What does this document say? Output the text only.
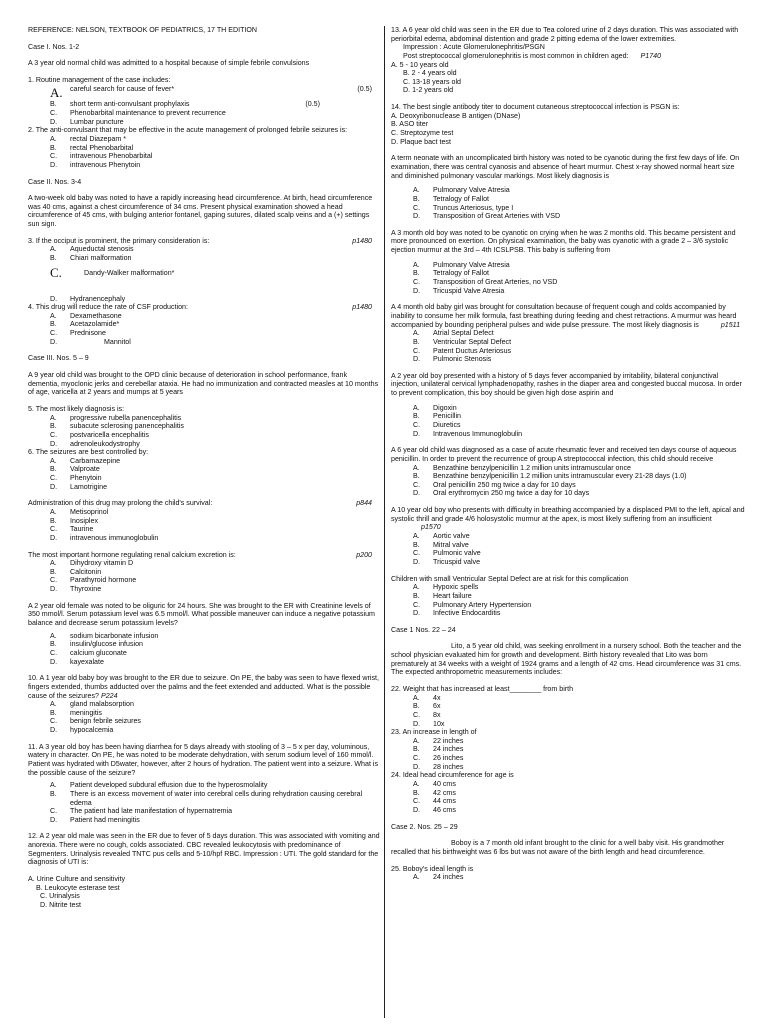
REFERENCE: NELSON, TEXTBOOK OF PEDIATRICS, 17 TH EDITION

Case I. Nos. 1-2

A 3 year old normal child was admitted to a hospital because of simple febrile convulsions

1. Routine management of the case includes:

A.	careful search for cause of fever*	(0.5)
B.	short term anti-convulsant prophylaxis	(0.5)
C.	Phenobarbital maintenance to prevent recurrence
D.	Lumbar puncture

2. The anti-convulsant that may be effective in the acute management of prolonged febrile seizures is:

A.	rectal Diazepam *
B.	rectal Phenobarbital
C.	intravenous Phenobarbital
D.	intravenous Phenytoin

Case II. Nos. 3-4

A two-week old baby was noted to have a rapidly increasing head circumference. At birth, head circumference was 40 cms, against a chest circumference of 34 cms. Present physical examination showed a head circumference of 45 cms, with bulging anterior fontanel, gaping sutures, dilated scalp veins and a (+) settings sun sign.

3. If the occiput is prominent, the primary consideration is:	p1480

A.	Aqueductal stenosis
B.	Chiari malformation
C.	Dandy-Walker malformation*
D.	Hydranencephaly

4. This drug will reduce the rate of CSF production:	p1480

A.	Dexamethasone
B.	Acetazolamide*
C.	Prednisone
D.	Mannitol

Case III. Nos. 5 – 9

A 9 year old child was brought to the OPD clinic because of deterioration in school performance, frank dementia, myoclonic jerks and cerebellar ataxia. He had no immunization and contracted measles at 10 months of age, varicella at 2 years and mumps at 5 years

5. The most likely diagnosis is:

A.	progressive rubella panencephalitis
B.	subacute sclerosing panencephalitis
C.	postvaricella encephalitis
D.	adrenoleukodystrophy

6. The seizures are best controlled by:

A.	Carbamazepine
B.	Valproate
C.	Phenytoin
D.	Lamotrigine

Administration of this drug may prolong the child's survival:	p844

A.	Metisoprinol
B.	Inosiplex
C.	Taurine
D.	intravenous immunoglobulin

The most important hormone regulating renal calcium excretion is:	p200

A.	Dihydroxy vitamin D
B.	Calcitonin
C.	Parathyroid hormone
D.	Thyroxine

A 2 year old female was noted to be oliguric for 24 hours. She was brought to the ER with Creatinine levels of 350 mmol/l. Serum potassium level was 6.5 mmol/l. What possible maneuver can induce a negative potassium balance and decrease serum potassium levels?

A.	sodium bicarbonate infusion
B.	insulin/glucose infusion
C.	calcium gluconate
D.	kayexalate

10. A 1 year old baby boy was brought to the ER due to seizure. On PE, the baby was seen to have flexed wrist, fingers extended, thumbs adducted over the palms and the feet extended and adducted. What is the possible cause of the seizures? P224

A.	gland malabsorption
B.	meningitis
C.	benign febrile seizures
D.	hypocalcemia

11. A 3 year old boy has been having diarrhea for 5 days already with stooling of 3 – 5 x per day, voluminous, watery in character. On PE, he was noted to be moderate dehydration, with serum sodium level of 160 mmol/l. Patient was hydrated with D5water, however, after 2 hours of hydration. The patient went into a seizure. What is the possible cause of the seizure?

A.	Patient developed subdural effusion due to the hyperosmolality
B.	There is an excess movement of water into cerebral cells during rehydration causing cerebral edema
C.	The patient had late manifestation of hypernatremia
D.	Patient had meningitis

12. A 2 year old male was seen in the ER due to fever of 5 days duration. This was associated with vomiting and anorexia. There were no cough, colds associated. CBC revealed leukocytosis with predominance of Segmenters. Urinalysis revealed TNTC pus cells and 5-10/hpf RBC. Impression : UTI. The gold standard for the diagnosis of UTI is:

A. Urine Culture and sensitivity

B. Leukocyte esterase test

C. Urinalysis

D. Nitrite test

13. A 6 year old child was seen in the ER due to Tea colored urine of 2 days duration. This was associated with periorbital edema, abdominal distention and grade 2 pitting edema of the lower extremities.

Impression : Acute Glomerulonephritis/PSGN

Post streptococcal glomerulonephritis is most common in children aged: P1740

A. 5 - 10 years old

B. 2 - 4 years old

C. 13-18 years old

D. 1-2 years old

14. The best single antibody titer to document cutaneous streptococcal infection is PSGN is:

A. Deoxyribonuclease B antigen (DNase)

B. ASO titer

C. Streptozyme test

D. Plaque bact test

A term neonate with an uncomplicated birth history was noted to be cyanotic during the first few days of life. On examination, there was central cyanosis and absence of heart murmur. Chest x-ray showed normal heart size and diminished pulmonary vascular markings. Most likely diagnosis is

A.	Pulmonary Valve Atresia
B.	Tetralogy of Fallot
C.	Truncus Arteriosus, type I
D.	Transposition of Great Arteries with VSD

A 3 month old boy was noted to be cyanotic on crying when he was 2 months old. This became persistent and more pronounced on exertion. On physical examination, the baby was cyanotic with a grade 2 – 3/6 systolic ejection murmur at the 3rd – 4th ICSLPSB. This baby is suffering from

A.	Pulmonary Valve Atresia
B.	Tetralogy of Fallot
C.	Transposition of Great Arteries, no VSD
D.	Tricuspid Valve Atresia

A 4 month old baby girl was brought for consultation because of frequent cough and colds accompanied by inability to consume her milk formula, fast breathing during feeding and chest retractions. A murmur was heard accompanied by bounding peripheral pulses and wide pulse pressure. The most likely diagnosis is	p1511

A.	Atrial Septal Defect
B.	Ventricular Septal Defect
C.	Patent Ductus Arteriosus
D.	Pulmonic Stenosis

A 2 year old boy presented with a history of 5 days fever accompanied by irritability, bilateral conjunctival injection, unilateral cervical lymphadenopathy, rashes in the diaper area and congested buccal mucosa. In order to prevent complication, this boy should be given high dose aspirin and

A.	Digoxin
B.	Penicillin
C.	Diuretics
D.	Intravenous Immunoglobulin

A 6 year old child was diagnosed as a case of acute rheumatic fever and received ten days course of aqueous penicillin. In order to prevent the recurrence of group A streptococcal infection, this child should receive

A.	Benzathine benzylpenicillin 1.2 million units intramuscular once
B.	Benzathine benzylpenicillin 1.2 million units intramuscular every 21-28 days (1.0)
C.	Oral penicillin 250 mg twice a day for 10 days
D.	Oral erythromycin 250 mg twice a day for 10 days

A 10 year old boy who presents with difficulty in breathing accompanied by a displaced PMI to the left, apical and systolic thrill and grade 4/6 holosystolic murmur at the apex, is most likely suffering from an insufficient p1570

A.	Aortic valve
B.	Mitral valve
C.	Pulmonic valve
D.	Tricuspid valve

Children with small Ventricular Septal Defect are at risk for this complication

A.	Hypoxic spells
B.	Heart failure
C.	Pulmonary Artery Hypertension
D.	Infective Endocarditis

Case 1 Nos. 22 – 24

Lito, a 5 year old child, was seeking enrollment in a nursery school. Both the teacher and the school physician evaluated him for growth and development. Birth history revealed that Lito was born prematurely at 34 weeks with a weight of 1924 grams and a length of 42 cms. Head circumference was 31 cms. The expected anthropometric measurements includes:

22. Weight that has increased at least________ from birth

A.	4x
B.	6x
C.	8x
D.	10x

23. An increase in length of

A.	22 inches
B.	24 inches
C.	26 inches
D.	28 inches

24. Ideal head circumference for age is

A.	40 cms
B.	42 cms
C.	44 cms
D.	46 cms

Case 2. Nos. 25 – 29

Boboy is a 7 month old infant brought to the clinic for a well baby visit. His grandmother recalled that his birthweight was 6 lbs but was not aware of the birth length and head circumference.

25. Boboy's ideal length is

A.	24 inches
